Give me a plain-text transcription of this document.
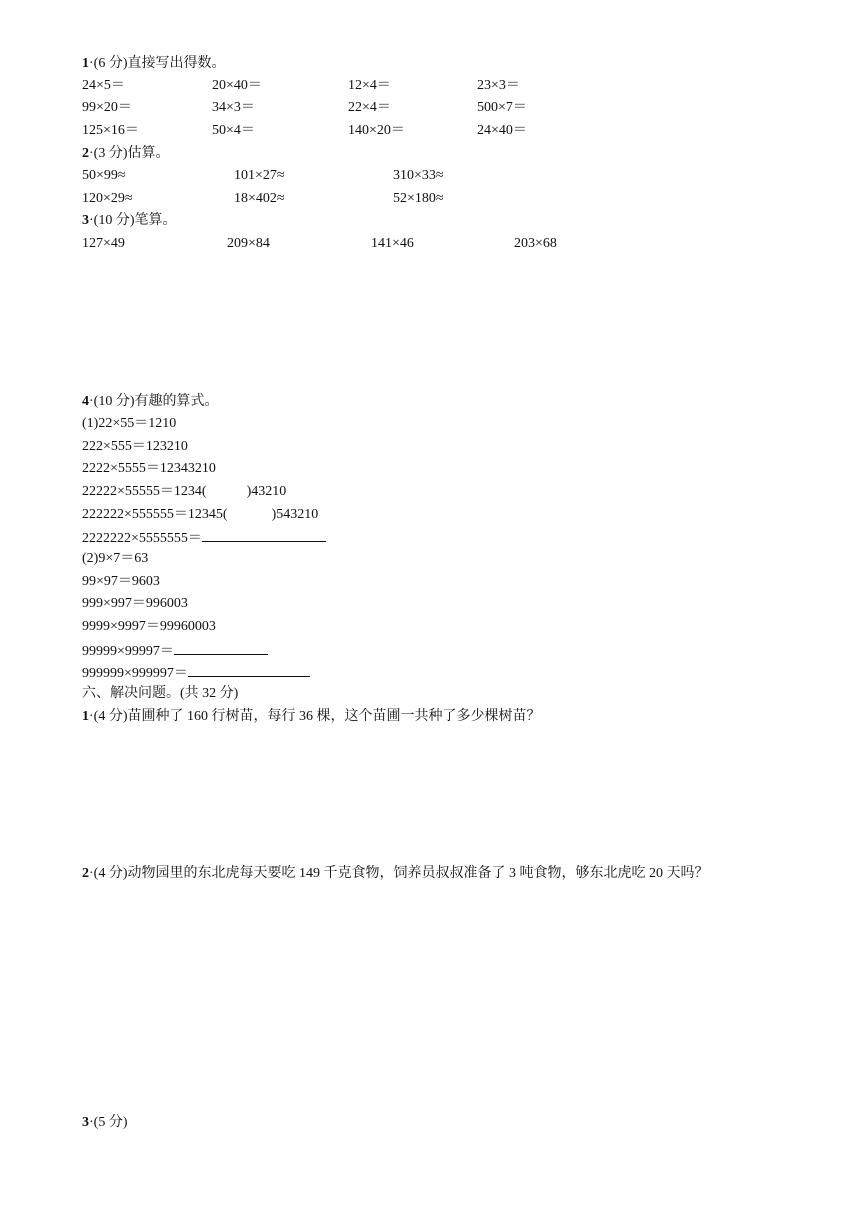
1·(6 分)直接写出得数。
24×5＝	20×40＝	12×4＝	23×3＝
99×20＝	34×3＝	22×4＝	500×7＝
125×16＝	50×4＝	140×20＝	24×40＝
2·(3 分)估算。
50×99≈	101×27≈	310×33≈
120×29≈	18×402≈	52×180≈
3·(10 分)笔算。
127×49	209×84	141×46	203×68
4·(10 分)有趣的算式。
(1)22×55＝1210
222×555＝123210
2222×5555＝12343210
22222×55555＝1234(	)43210
222222×555555＝12345(	)543210
2222222×5555555＝
(2)9×7＝63
99×97＝9603
999×997＝996003
9999×9997＝99960003
99999×99997＝
999999×999997＝
六、解决问题。(共 32 分)
1·(4 分)苗圃种了 160 行树苗，每行 36 棵，这个苗圃一共种了多少棵树苗？
2·(4 分)动物园里的东北虎每天要吃 149 千克食物，饲养员叔叔准备了 3 吨食物，够东北虎吃 20 天吗？
3·(5 分)
